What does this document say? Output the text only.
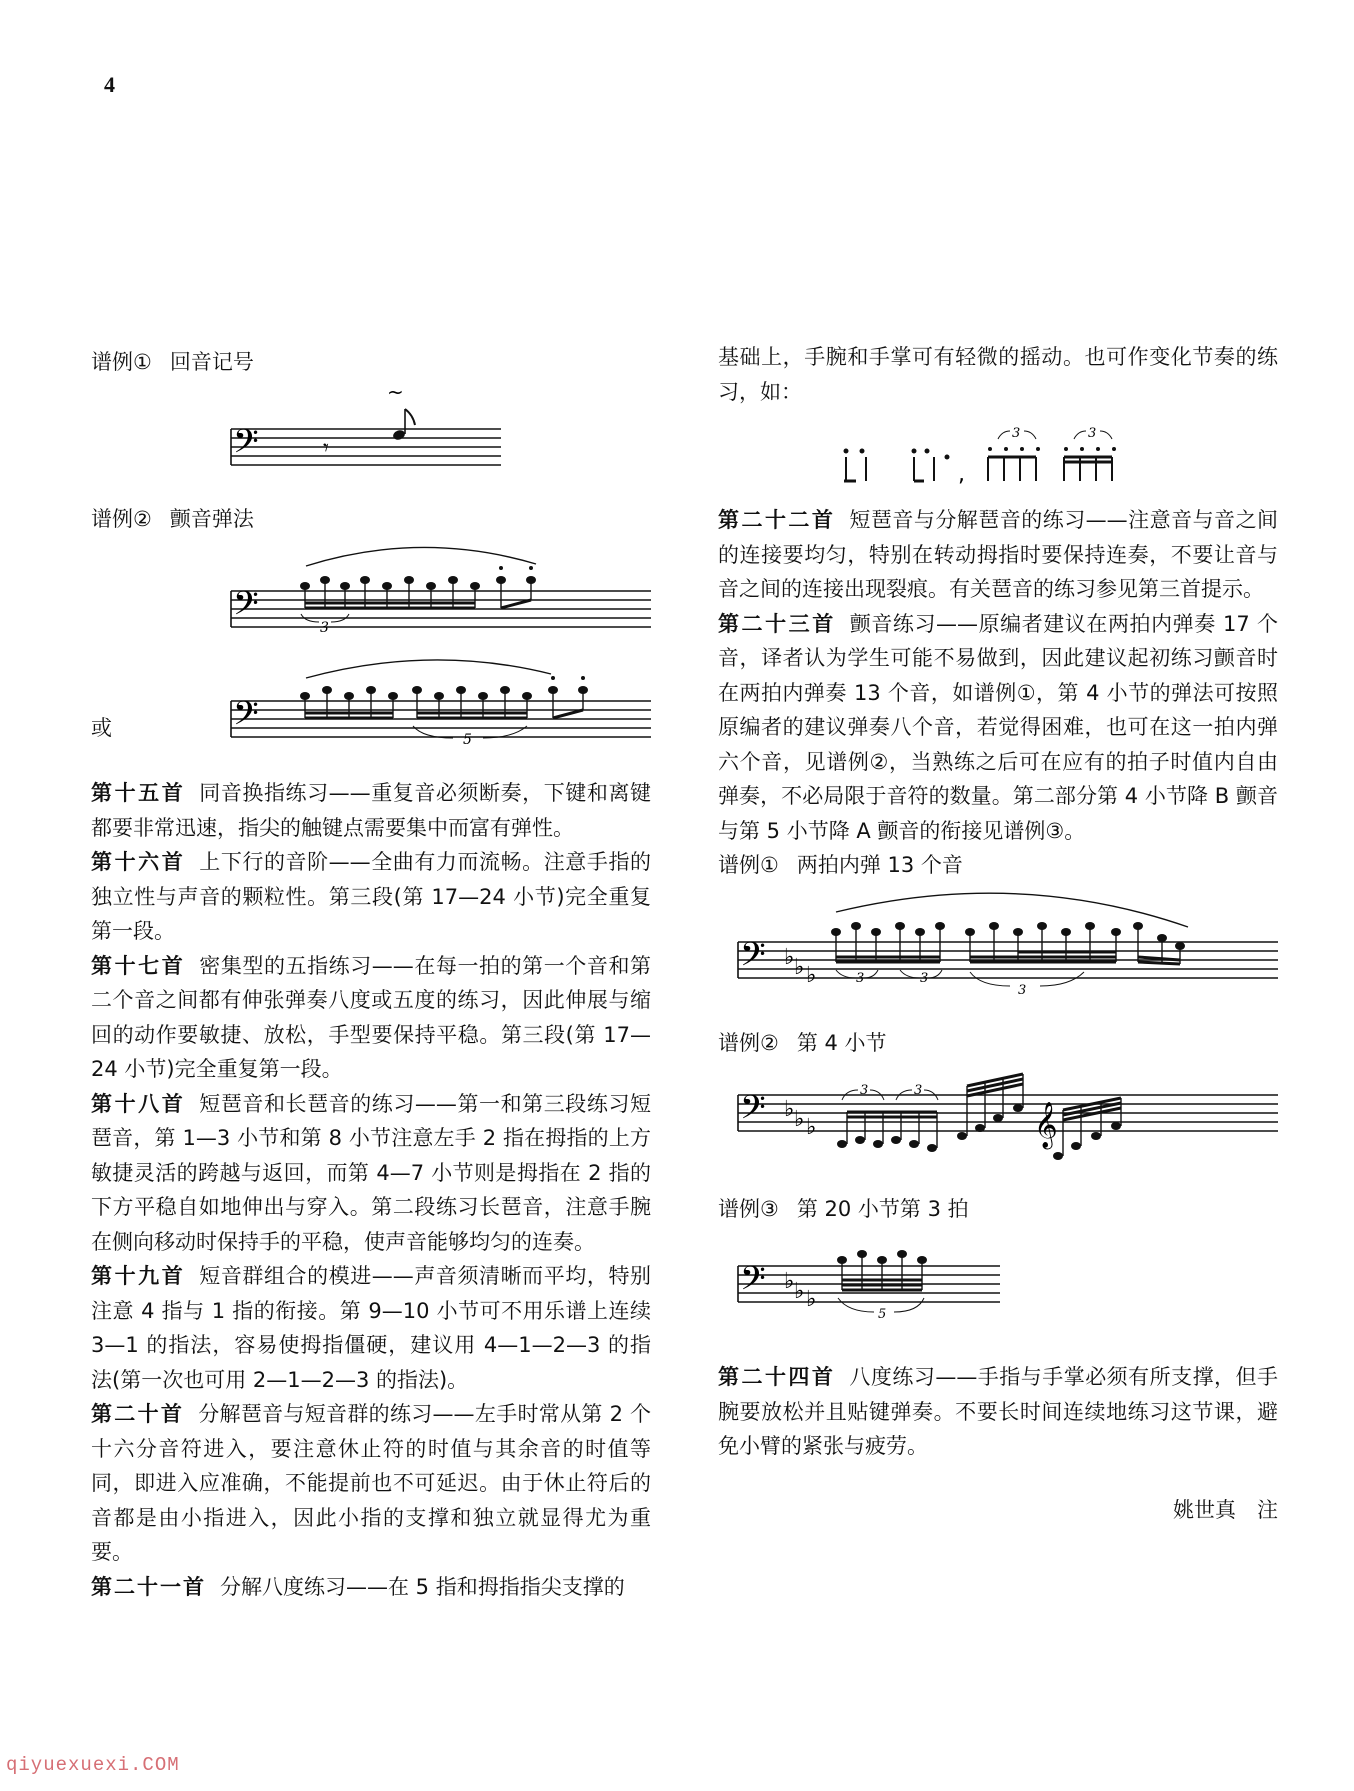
4
谱例① 回音记号
𝄢	𝄾
~
谱例② 颤音弹法
𝄢	3
或	𝄢	5

第十五首 同音换指练习——重复音必须断奏，下键和离键都要非常迅速，指尖的触键点需要集中而富有弹性。

第十六首 上下行的音阶——全曲有力而流畅。注意手指的独立性与声音的颗粒性。第三段(第 17—24 小节)完全重复第一段。

第十七首 密集型的五指练习——在每一拍的第一个音和第二个音之间都有伸张弹奏八度或五度的练习，因此伸展与缩回的动作要敏捷、放松，手型要保持平稳。第三段(第 17—24 小节)完全重复第一段。

第十八首 短琶音和长琶音的练习——第一和第三段练习短琶音，第 1—3 小节和第 8 小节注意左手 2 指在拇指的上方敏捷灵活的跨越与返回，而第 4—7 小节则是拇指在 2 指的下方平稳自如地伸出与穿入。第二段练习长琶音，注意手腕在侧向移动时保持手的平稳，使声音能够均匀的连奏。

第十九首 短音群组合的模进——声音须清晰而平均，特别注意 4 指与 1 指的衔接。第 9—10 小节可不用乐谱上连续 3—1 的指法，容易使拇指僵硬，建议用 4—1—2—3 的指法(第一次也可用 2—1—2—3 的指法)。

第二十首 分解琶音与短音群的练习——左手时常从第 2 个十六分音符进入，要注意休止符的时值与其余音的时值等同，即进入应准确，不能提前也不可延迟。由于休止符后的音都是由小指进入，因此小指的支撑和独立就显得尤为重要。

第二十一首 分解八度练习——在 5 指和拇指指尖支撑的

基础上，手腕和手掌可有轻微的摇动。也可作变化节奏的练习，如：

,
3	3

第二十二首 短琶音与分解琶音的练习——注意音与音之间的连接要均匀，特别在转动拇指时要保持连奏，不要让音与音之间的连接出现裂痕。有关琶音的练习参见第三首提示。

第二十三首 颤音练习——原编者建议在两拍内弹奏 17 个音，译者认为学生可能不易做到，因此建议起初练习颤音时在两拍内弹奏 13 个音，如谱例①，第 4 小节的弹法可按照原编者的建议弹奏八个音，若觉得困难，也可在这一拍内弹六个音，见谱例②，当熟练之后可在应有的拍子时值内自由弹奏，不必局限于音符的数量。第二部分第 4 小节降 B 颤音与第 5 小节降 A 颤音的衔接见谱例③。

谱例① 两拍内弹 13 个音
𝄢 ♭ ♭ ♭	3	3
3
谱例② 第 4 小节
𝄢 ♭ ♭ ♭	𝄞
3	3
谱例③ 第 20 小节第 3 拍
𝄢 ♭ ♭ ♭
5

第二十四首 八度练习——手指与手掌必须有所支撑，但手腕要放松并且贴键弹奏。不要长时间连续地练习这节课，避免小臂的紧张与疲劳。

姚世真　注
qiyuexuexi.COM
